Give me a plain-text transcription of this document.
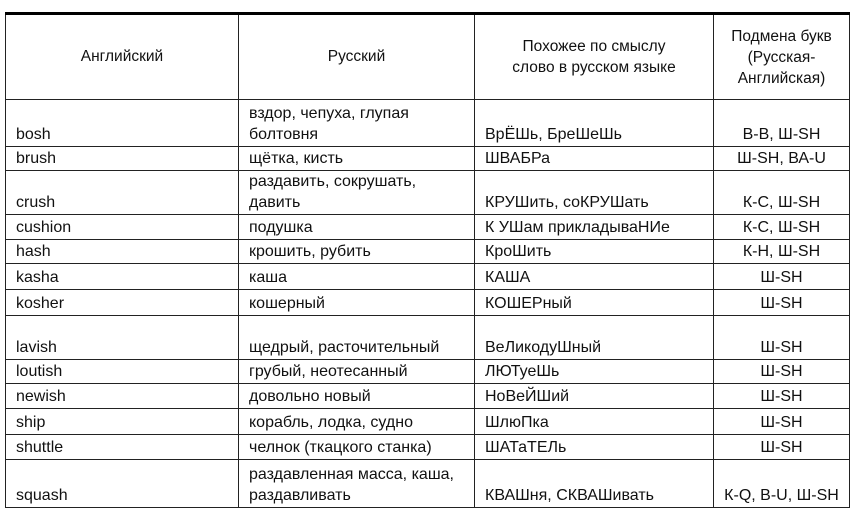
Английский	Русский	Похожее по смыслу слово в русском языке	Подмена букв (Русская-Английская)
bosh	вздор, чепуха, глупая болтовня	ВрЁШь, БреШеШь	В-B, Ш-SH
brush	щётка, кисть	ШВАБРа	Ш-SH, ВА-U
crush	раздавить, сокрушать, давить	КРУШить, соКРУШать	К-C, Ш-SH
cushion	подушка	К УШам прикладываНИе	К-C, Ш-SH
hash	крошить, рубить	КроШить	К-H, Ш-SH
kasha	каша	КАША	Ш-SH
kosher	кошерный	КОШЕРный	Ш-SH
lavish	щедрый, расточительный	ВеЛикодуШный	Ш-SH
loutish	грубый, неотесанный	ЛЮТуеШь	Ш-SH
newish	довольно новый	НоВеЙШий	Ш-SH
ship	корабль, лодка, судно	ШлюПка	Ш-SH
shuttle	челнок (ткацкого станка)	ШАТаТЕЛь	Ш-SH
squash	раздавленная масса, каша, раздавливать	КВАШня, СКВАШивать	К-Q, В-U, Ш-SH
